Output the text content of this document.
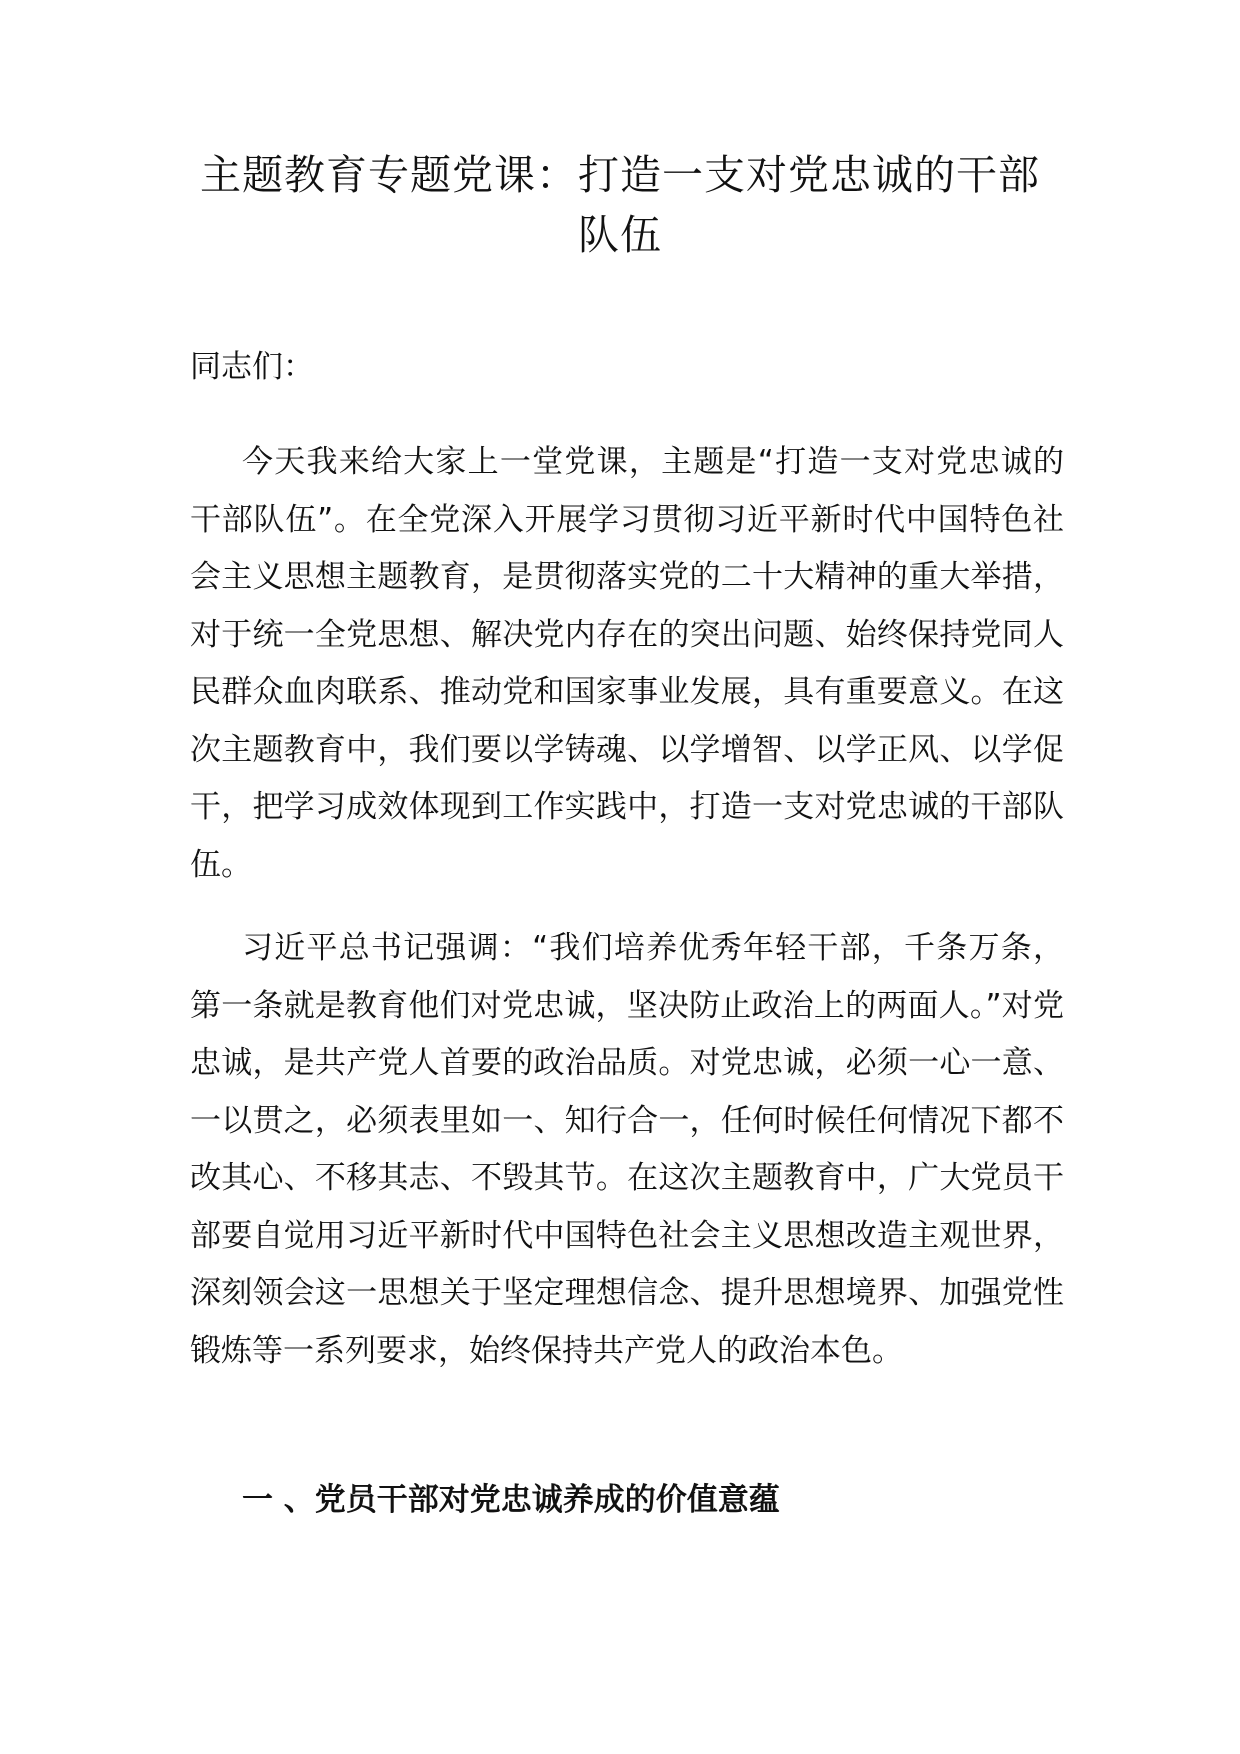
主题教育专题党课：打造一支对党忠诚的干部队伍

同志们：

今天我来给大家上一堂党课，主题是“打造一支对党忠诚的干部队伍”。在全党深入开展学习贯彻习近平新时代中国特色社会主义思想主题教育，是贯彻落实党的二十大精神的重大举措，对于统一全党思想、解决党内存在的突出问题、始终保持党同人民群众血肉联系、推动党和国家事业发展，具有重要意义。在这次主题教育中，我们要以学铸魂、以学增智、以学正风、以学促干，把学习成效体现到工作实践中，打造一支对党忠诚的干部队伍。

习近平总书记强调：“我们培养优秀年轻干部，千条万条，第一条就是教育他们对党忠诚，坚决防止政治上的两面人。”对党忠诚，是共产党人首要的政治品质。对党忠诚，必须一心一意、一以贯之，必须表里如一、知行合一，任何时候任何情况下都不改其心、不移其志、不毁其节。在这次主题教育中，广大党员干部要自觉用习近平新时代中国特色社会主义思想改造主观世界，深刻领会这一思想关于坚定理想信念、提升思想境界、加强党性锻炼等一系列要求，始终保持共产党人的政治本色。

一 、党员干部对党忠诚养成的价值意蕴
